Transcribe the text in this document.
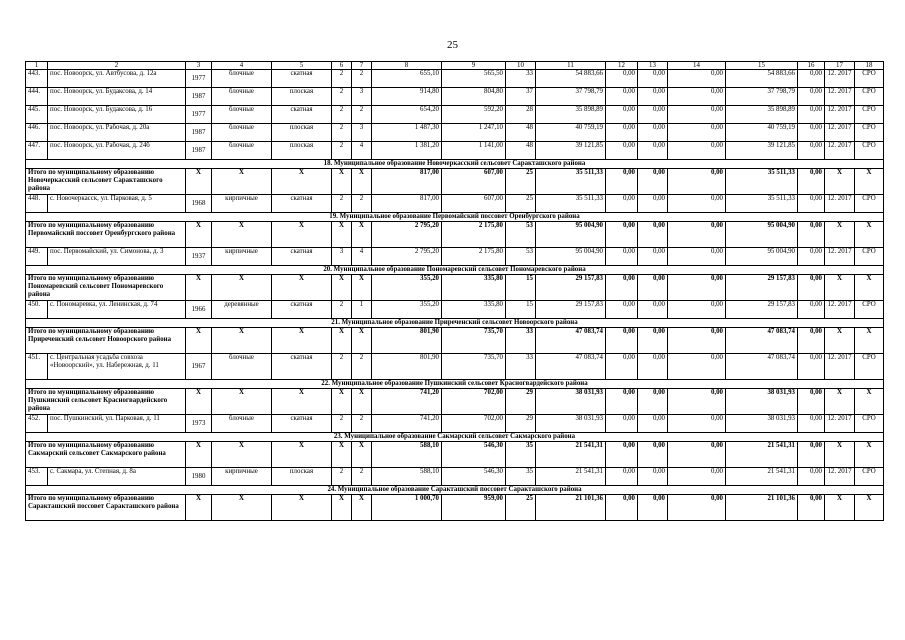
25
1	2	3	4	5	6	7	8	9	10	11	12	13	14	15	16	17	18
443.	пос. Новоорск, ул. Автбусова, д. 12а	1977	блочные	скатная	2	2	655,10	565,50	33	54 883,66	0,00	0,00	0,00	54 883,66	0,00	12. 2017	СРО
444.	пос. Новоорск, ул. Будаксова, д. 14	1987	блочные	плоская	2	3	914,80	804,80	37	37 798,79	0,00	0,00	0,00	37 798,79	0,00	12. 2017	СРО
445.	пос. Новоорск, ул. Будаксова, д. 16	1977	блочные	скатная	2	2	654,20	592,20	28	35 898,89	0,00	0,00	0,00	35 898,89	0,00	12. 2017	СРО
446.	пос. Новоорск, ул. Рабочая, д. 20а	1987	блочные	плоская	2	3	1 487,30	1 247,10	48	40 759,19	0,00	0,00	0,00	40 759,19	0,00	12. 2017	СРО
447.	пос. Новоорск, ул. Рабочая, д. 24б	1987	блочные	плоская	2	4	1 381,20	1 141,00	48	39 121,85	0,00	0,00	0,00	39 121,85	0,00	12. 2017	СРО
18. Муниципальное образование Новочеркасский сельсовет Саракташского района																	
Итого по муниципальному образованию Новочеркасский сельсовет Саракташского района		X	X	X	X	X	817,00	607,00	25	35 511,33	0,00	0,00	0,00	35 511,33	0,00	X	X
448.	с. Новочеркасск, ул. Парковая, д. 5	1968	кирпичные	скатная	2	2	817,00	607,00	25	35 511,33	0,00	0,00	0,00	35 511,33	0,00	12. 2017	СРО
19. Муниципальное образование Первомайский поссовет Оренбургского района																	
Итого по муниципальному образованию Первомайский поссовет Оренбургского района		X	X	X	X	X	2 795,20	2 175,80	53	95 004,90	0,00	0,00	0,00	95 004,90	0,00	X	X
449.	пос. Первомайский, ул. Симонова, д. 3	1937	кирпичные	скатная	3	4	2 795,20	2 175,80	53	95 004,90	0,00	0,00	0,00	95 004,90	0,00	12. 2017	СРО
20. Муниципальное образование Пономаревский сельсовет Пономаревского района																	
Итого по муниципальному образованию Пономаревский сельсовет Пономаревского района		X	X	X	X	X	355,20	335,80	15	29 157,83	0,00	0,00	0,00	29 157,83	0,00	X	X
450.	с. Пономаревка, ул. Ленинская, д. 74	1966	деревянные	скатная	2	1	355,20	335,80	15	29 157,83	0,00	0,00	0,00	29 157,83	0,00	12. 2017	СРО
21. Муниципальное образование Приреченский сельсовет Новоорского района																	
Итого по муниципальному образованию Приреченский сельсовет Новоорского района		X	X	X	X	X	801,90	735,70	33	47 083,74	0,00	0,00	0,00	47 083,74	0,00	X	X
451.	с. Центральная усадьба совхоза «Новоорский», ул. Набережная, д. 11	1967	блочные	скатная	2	2	801,90	735,70	33	47 083,74	0,00	0,00	0,00	47 083,74	0,00	12. 2017	СРО
22. Муниципальное образование Пушкинский сельсовет Красногвардейского района																	
Итого по муниципальному образованию Пушкинский сельсовет Красногвардейского района		X	X	X	X	X	741,20	702,00	29	38 031,93	0,00	0,00	0,00	38 031,93	0,00	X	X
452.	пос. Пушкинский, ул. Парковая, д. 11	1973	блочные	скатная	2	2	741,20	702,00	29	38 031,93	0,00	0,00	0,00	38 031,93	0,00	12. 2017	СРО
23. Муниципальное образование Сакмарский сельсовет Сакмарского района																	
Итого по муниципальному образованию Сакмарский сельсовет Сакмарского района		X	X	X	X	X	588,10	546,30	35	21 541,31	0,00	0,00	0,00	21 541,31	0,00	X	X
453.	с. Сакмара, ул. Степная, д. 8а	1980	кирпичные	плоская	2	2	588,10	546,30	35	21 541,31	0,00	0,00	0,00	21 541,31	0,00	12. 2017	СРО
24. Муниципальное образование Саракташский поссовет Саракташского района																	
Итого по муниципальному образованию Саракташский поссовет Саракташского района		X	X	X	X	X	1 000,70	959,00	25	21 101,36	0,00	0,00	0,00	21 101,36	0,00	X	X
